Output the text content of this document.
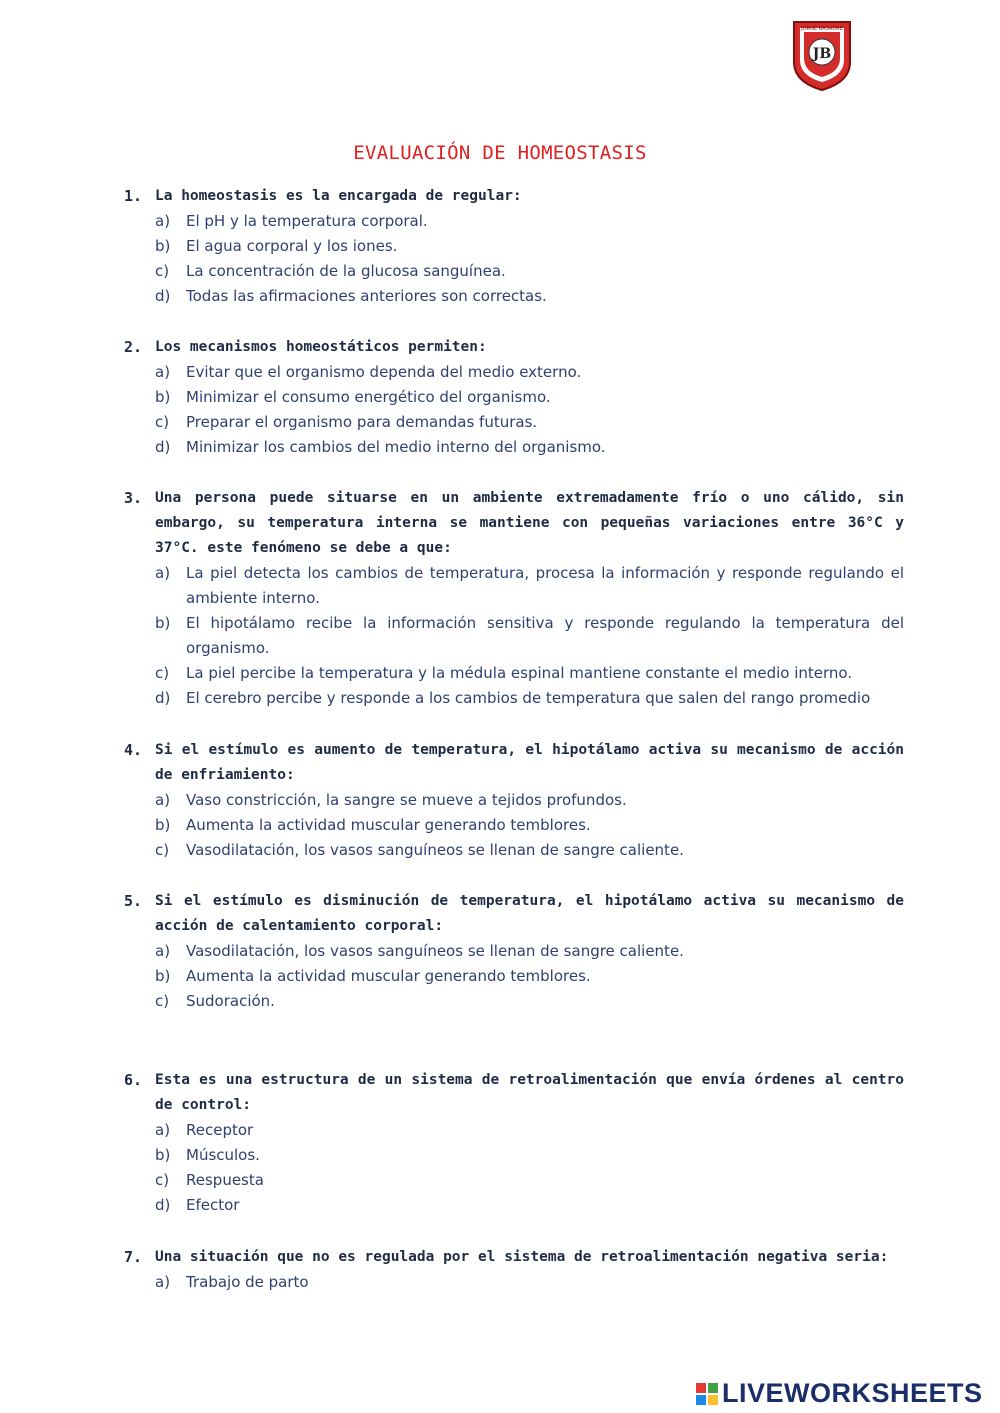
JB
JORGE BASADRE
EVALUACIÓN DE HOMEOSTASIS
1. La homeostasis es la encargada de regular:
a)	El pH y la temperatura corporal.
b)	El agua corporal y los iones.
c)	La concentración de la glucosa sanguínea.
d)	Todas las afirmaciones anteriores son correctas.
2. Los mecanismos homeostáticos permiten:
a)	Evitar que el organismo dependa del medio externo.
b)	Minimizar el consumo energético del organismo.
c)	Preparar el organismo para demandas futuras.
d)	Minimizar los cambios del medio interno del organismo.
3. Una persona puede situarse en un ambiente extremadamente frío o uno cálido, sin embargo, su temperatura interna se mantiene con pequeñas variaciones entre 36°C y 37°C. este fenómeno se debe a que:
a)	La piel detecta los cambios de temperatura, procesa la información y responde regulando el ambiente interno.
b)	El hipotálamo recibe la información sensitiva y responde regulando la temperatura del organismo.
c)	La piel percibe la temperatura y la médula espinal mantiene constante el medio interno.
d)	El cerebro percibe y responde a los cambios de temperatura que salen del rango promedio
4. Si el estímulo es aumento de temperatura, el hipotálamo activa su mecanismo de acción de enfriamiento:
a)	Vaso constricción, la sangre se mueve a tejidos profundos.
b)	Aumenta la actividad muscular generando temblores.
c)	Vasodilatación, los vasos sanguíneos se llenan de sangre caliente.
5. Si el estímulo es disminución de temperatura, el hipotálamo activa su mecanismo de acción de calentamiento corporal:
a)	Vasodilatación, los vasos sanguíneos se llenan de sangre caliente.
b)	Aumenta la actividad muscular generando temblores.
c)	Sudoración.
6. Esta es una estructura de un sistema de retroalimentación que envía órdenes al centro de control:
a)	Receptor
b)	Músculos.
c)	Respuesta
d)	Efector
7. Una situación que no es regulada por el sistema de retroalimentación negativa seria:
a)	Trabajo de parto
LIVEWORKSHEETS
